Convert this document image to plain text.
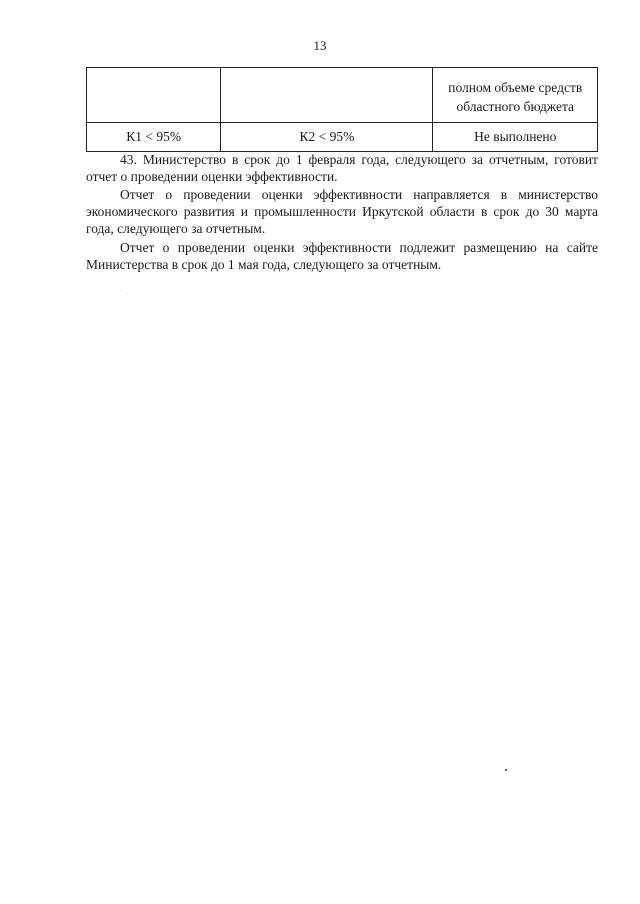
13

		полном объеме средств
областного бюджета

К1 < 95%	К2 < 95%	Не выполнено

43. Министерство в срок до 1 февраля года, следующего за отчетным, готовит отчет о проведении оценки эффективности.

Отчет о проведении оценки эффективности направляется в министерство экономического развития и промышленности Иркутской области в срок до 30 марта года, следующего за отчетным.

Отчет о проведении оценки эффективности подлежит размещению на сайте Министерства в срок до 1 мая года, следующего за отчетным.
